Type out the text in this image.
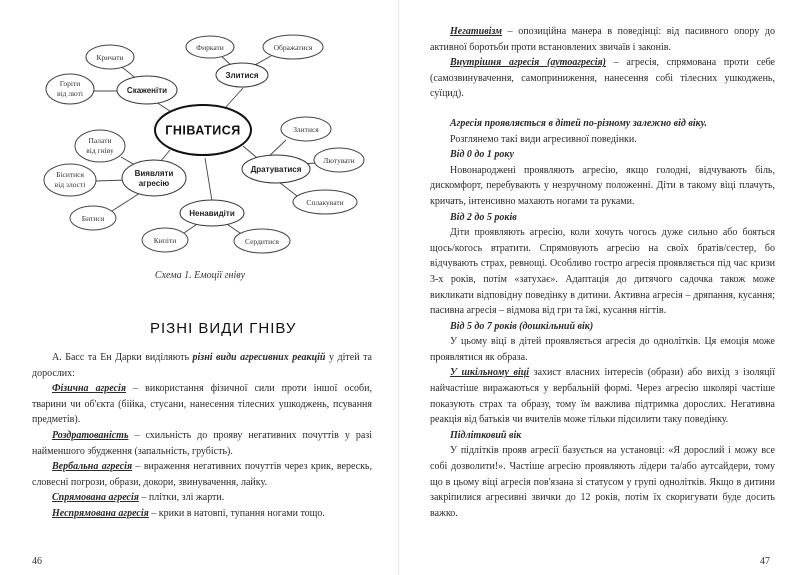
ГНІВАТИСЯ
Скаженіти
Злитися
Дратуватися
Ненавидіти
Виявляти
агресію
Кричати
Горіти
від люті
Фиркати	Ображатися
Злитися
Лютувати
Сплакувати
Кипіти	Сердитися
Палати
від гніву
Біситися
від злості
Битися
Схема 1. Емоції гніву
РІЗНІ ВИДИ ГНІВУ
А. Басс та Ен Дарки виділяють різні види агресивних реакцій у дітей та дорослих:
Фізична агресія – використання фізичної сили проти іншої особи, тварини чи об'єкта (бійка, стусани, нанесення тілесних ушкоджень, псування предметів).
Роздратованість – схильність до прояву негативних почуттів у разі найменшого збудження (запальність, грубість).
Вербальна агресія – вираження негативних почуттів через крик, верескь, словесні погрози, образи, докори, звинувачення, лайку.
Спрямована агресія – плітки, злі жарти.
Неспрямована агресія – крики в натовпі, тупання ногами тощо.
46
Негативізм – опозиційна манера в поведінці: від пасивного опору до активної боротьби проти встановлених звичаїв і законів.
Внутрішня агресія (аутоагресія) – агресія, спрямована проти себе (самозвинувачення, самоприниження, нанесення собі тілесних ушкоджень, суїцид).
Агресія проявляється в дітей по-різному залежно від віку.
Розглянемо такі види агресивної поведінки.
Від 0 до 1 року
Новонароджені проявляють агресію, якщо голодні, відчувають біль, дискомфорт, перебувають у незручному положенні. Діти в такому віці плачуть, кричать, інтенсивно махають ногами та руками.
Від 2 до 5 років
Діти проявляють агресію, коли хочуть чогось дуже сильно або бояться щось/когось втратити. Спрямовують агресію на своїх братів/сестер, бо відчувають страх, ревнощі. Особливо гостро агресія проявляється під час кризи 3-х років, потім «затухає». Адаптація до дитячого садочка також може викликати відповідну поведінку в дитини. Активна агресія – дряпання, кусання; пасивна агресія – відмова від гри та їжі, кусання нігтів.
Від 5 до 7 років (дошкільний вік)
У цьому віці в дітей проявляється агресія до однолітків. Ця емоція може проявлятися як образа.
У шкільному віці захист власних інтересів (образи) або вихід з ізоляції найчастіше виражаються у вербальній формі. Через агресію школярі частіше показують страх та образу, тому їм важлива підтримка дорослих. Негативна реакція від батьків чи вчителів може тільки підсилити таку поведінку.
Підлітковий вік
У підлітків прояв агресії базується на установці: «Я дорослий і можу все собі дозволити!». Частіше агресію проявляють лідери та/або аутсайдери, тому що в цьому віці агресія пов'язана зі статусом у групі однолітків. Якщо в дитини закріпилися агресивні звички до 12 років, потім їх скоригувати буде досить важко.
47
